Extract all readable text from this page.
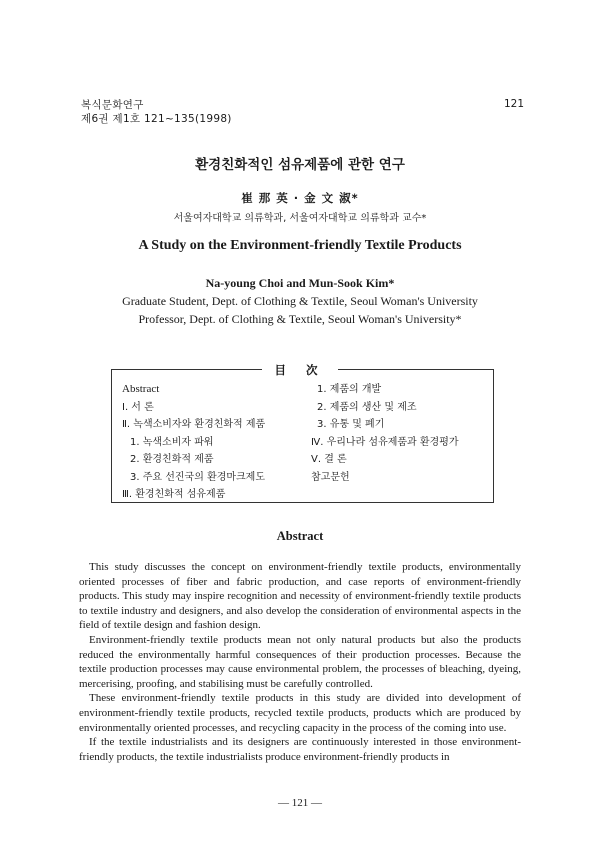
복식문화연구
제6권 제1호 121~135(1998)
121
환경친화적인 섬유제품에 관한 연구
崔 那 英 · 金 文 淑*
서울여자대학교 의류학과, 서울여자대학교 의류학과 교수*
A Study on the Environment-friendly Textile Products
Na-young Choi and Mun-Sook Kim*
Graduate Student, Dept. of Clothing & Textile, Seoul Woman's University
Professor, Dept. of Clothing & Textile, Seoul Woman's University*
目 次
Abstract
Ⅰ. 서 론
Ⅱ. 녹색소비자와 환경친화적 제품
1. 녹색소비자 파워
2. 환경친화적 제품
3. 주요 선진국의 환경마크제도
Ⅲ. 환경친화적 섬유제품
1. 제품의 개발
2. 제품의 생산 및 제조
3. 유통 및 폐기
Ⅳ. 우리나라 섬유제품과 환경평가
Ⅴ. 결 론
참고문헌
Abstract

This study discusses the concept on environment-friendly textile products, environmentally oriented processes of fiber and fabric production, and case reports of environment-friendly products. This study may inspire recognition and necessity of environment-friendly textile products to textile industry and designers, and also develop the consideration of environmental aspects in the field of textile design and fashion design.

Environment-friendly textile products mean not only natural products but also the products reduced the environmentally harmful consequences of their production processes. Because the textile production processes may cause environmental problem, the processes of bleaching, dyeing, mercerising, proofing, and stabilising must be carefully controlled.

These environment-friendly textile products in this study are divided into development of environment-friendly textile products, recycled textile products, products which are produced by environmentally oriented processes, and recycling capacity in the process of the coming into use.

If the textile industrialists and its designers are continuously interested in those environment-friendly products, the textile industrialists produce environment-friendly products in

— 121 —
